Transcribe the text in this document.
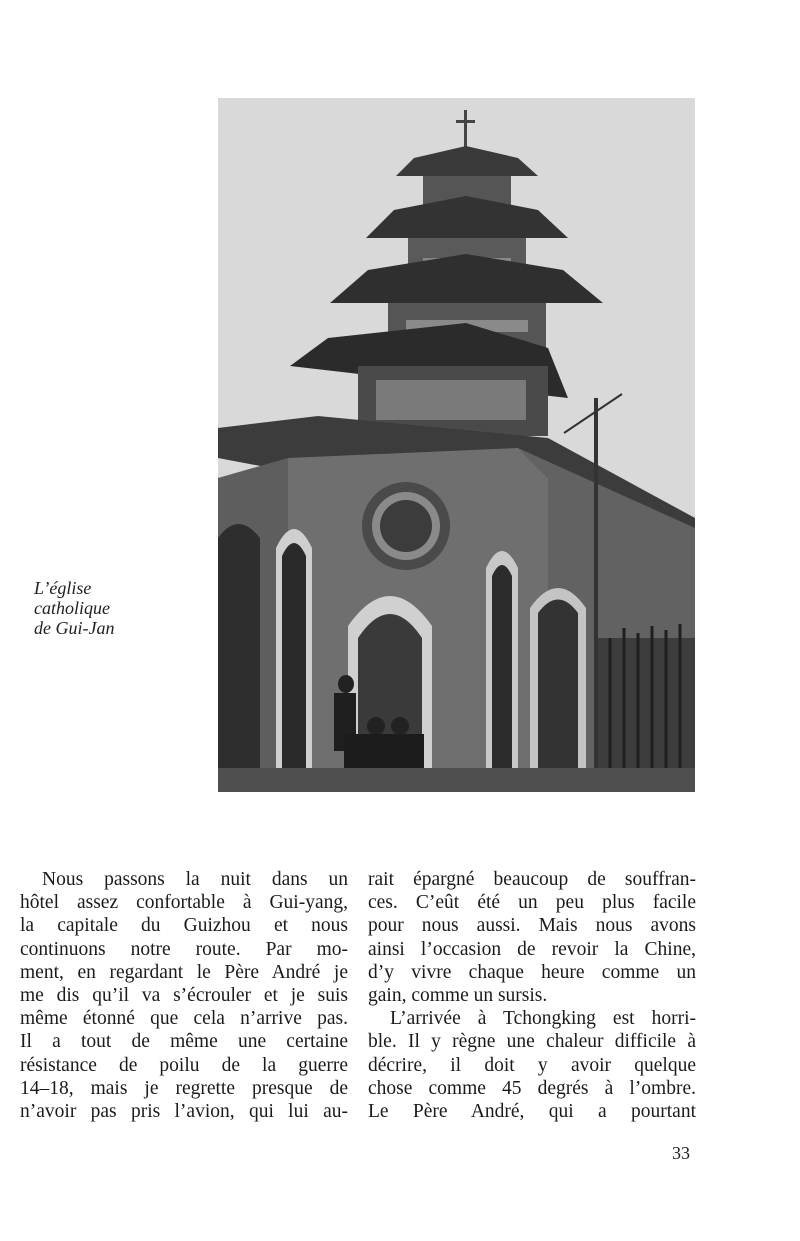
L’église
catholique
de Gui-Jan
Nous passons la nuit dans un
hôtel assez confortable à Gui-yang,
la capitale du Guizhou et nous
continuons notre route. Par mo-
ment, en regardant le Père André je
me dis qu’il va s’écrouler et je suis
même étonné que cela n’arrive pas.
Il a tout de même une certaine
résistance de poilu de la guerre
14–18, mais je regrette presque de
n’avoir pas pris l’avion, qui lui au-
rait épargné beaucoup de souffran-
ces. C’eût été un peu plus facile
pour nous aussi. Mais nous avons
ainsi l’occasion de revoir la Chine,
d’y vivre chaque heure comme un
gain, comme un sursis.
L’arrivée à Tchongking est horri-
ble. Il y règne une chaleur difficile à
décrire, il doit y avoir quelque
chose comme 45 degrés à l’ombre.
Le Père André, qui a pourtant
33
